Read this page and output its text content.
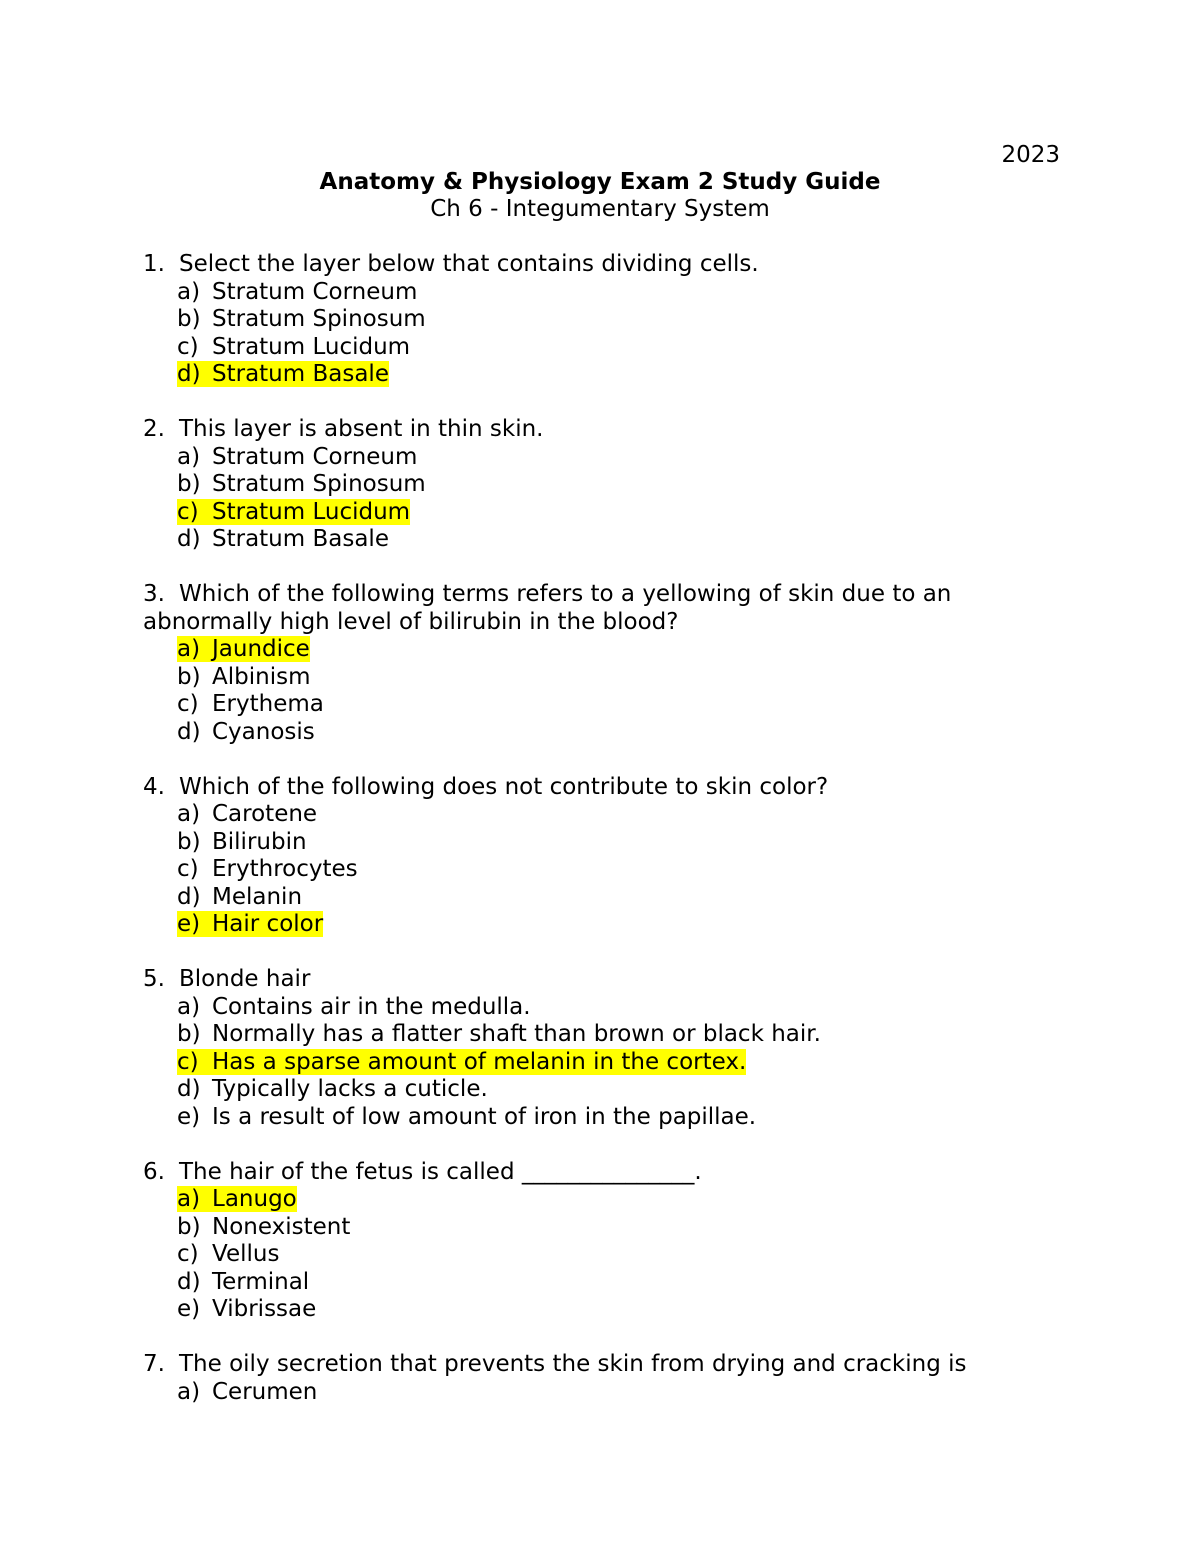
2023
Anatomy & Physiology Exam 2 Study Guide
Ch 6 - Integumentary System
1. Select the layer below that contains dividing cells.
a) Stratum Corneum
b) Stratum Spinosum
c) Stratum Lucidum
d) Stratum Basale
2. This layer is absent in thin skin.
a) Stratum Corneum
b) Stratum Spinosum
c) Stratum Lucidum
d) Stratum Basale
3. Which of the following terms refers to a yellowing of skin due to an abnormally high level of bilirubin in the blood?
a) Jaundice
b) Albinism
c) Erythema
d) Cyanosis
4. Which of the following does not contribute to skin color?
a) Carotene
b) Bilirubin
c) Erythrocytes
d) Melanin
e) Hair color
5. Blonde hair
a) Contains air in the medulla.
b) Normally has a flatter shaft than brown or black hair.
c) Has a sparse amount of melanin in the cortex.
d) Typically lacks a cuticle.
e) Is a result of low amount of iron in the papillae.
6. The hair of the fetus is called _______________.
a) Lanugo
b) Nonexistent
c) Vellus
d) Terminal
e) Vibrissae
7. The oily secretion that prevents the skin from drying and cracking is
a) Cerumen
